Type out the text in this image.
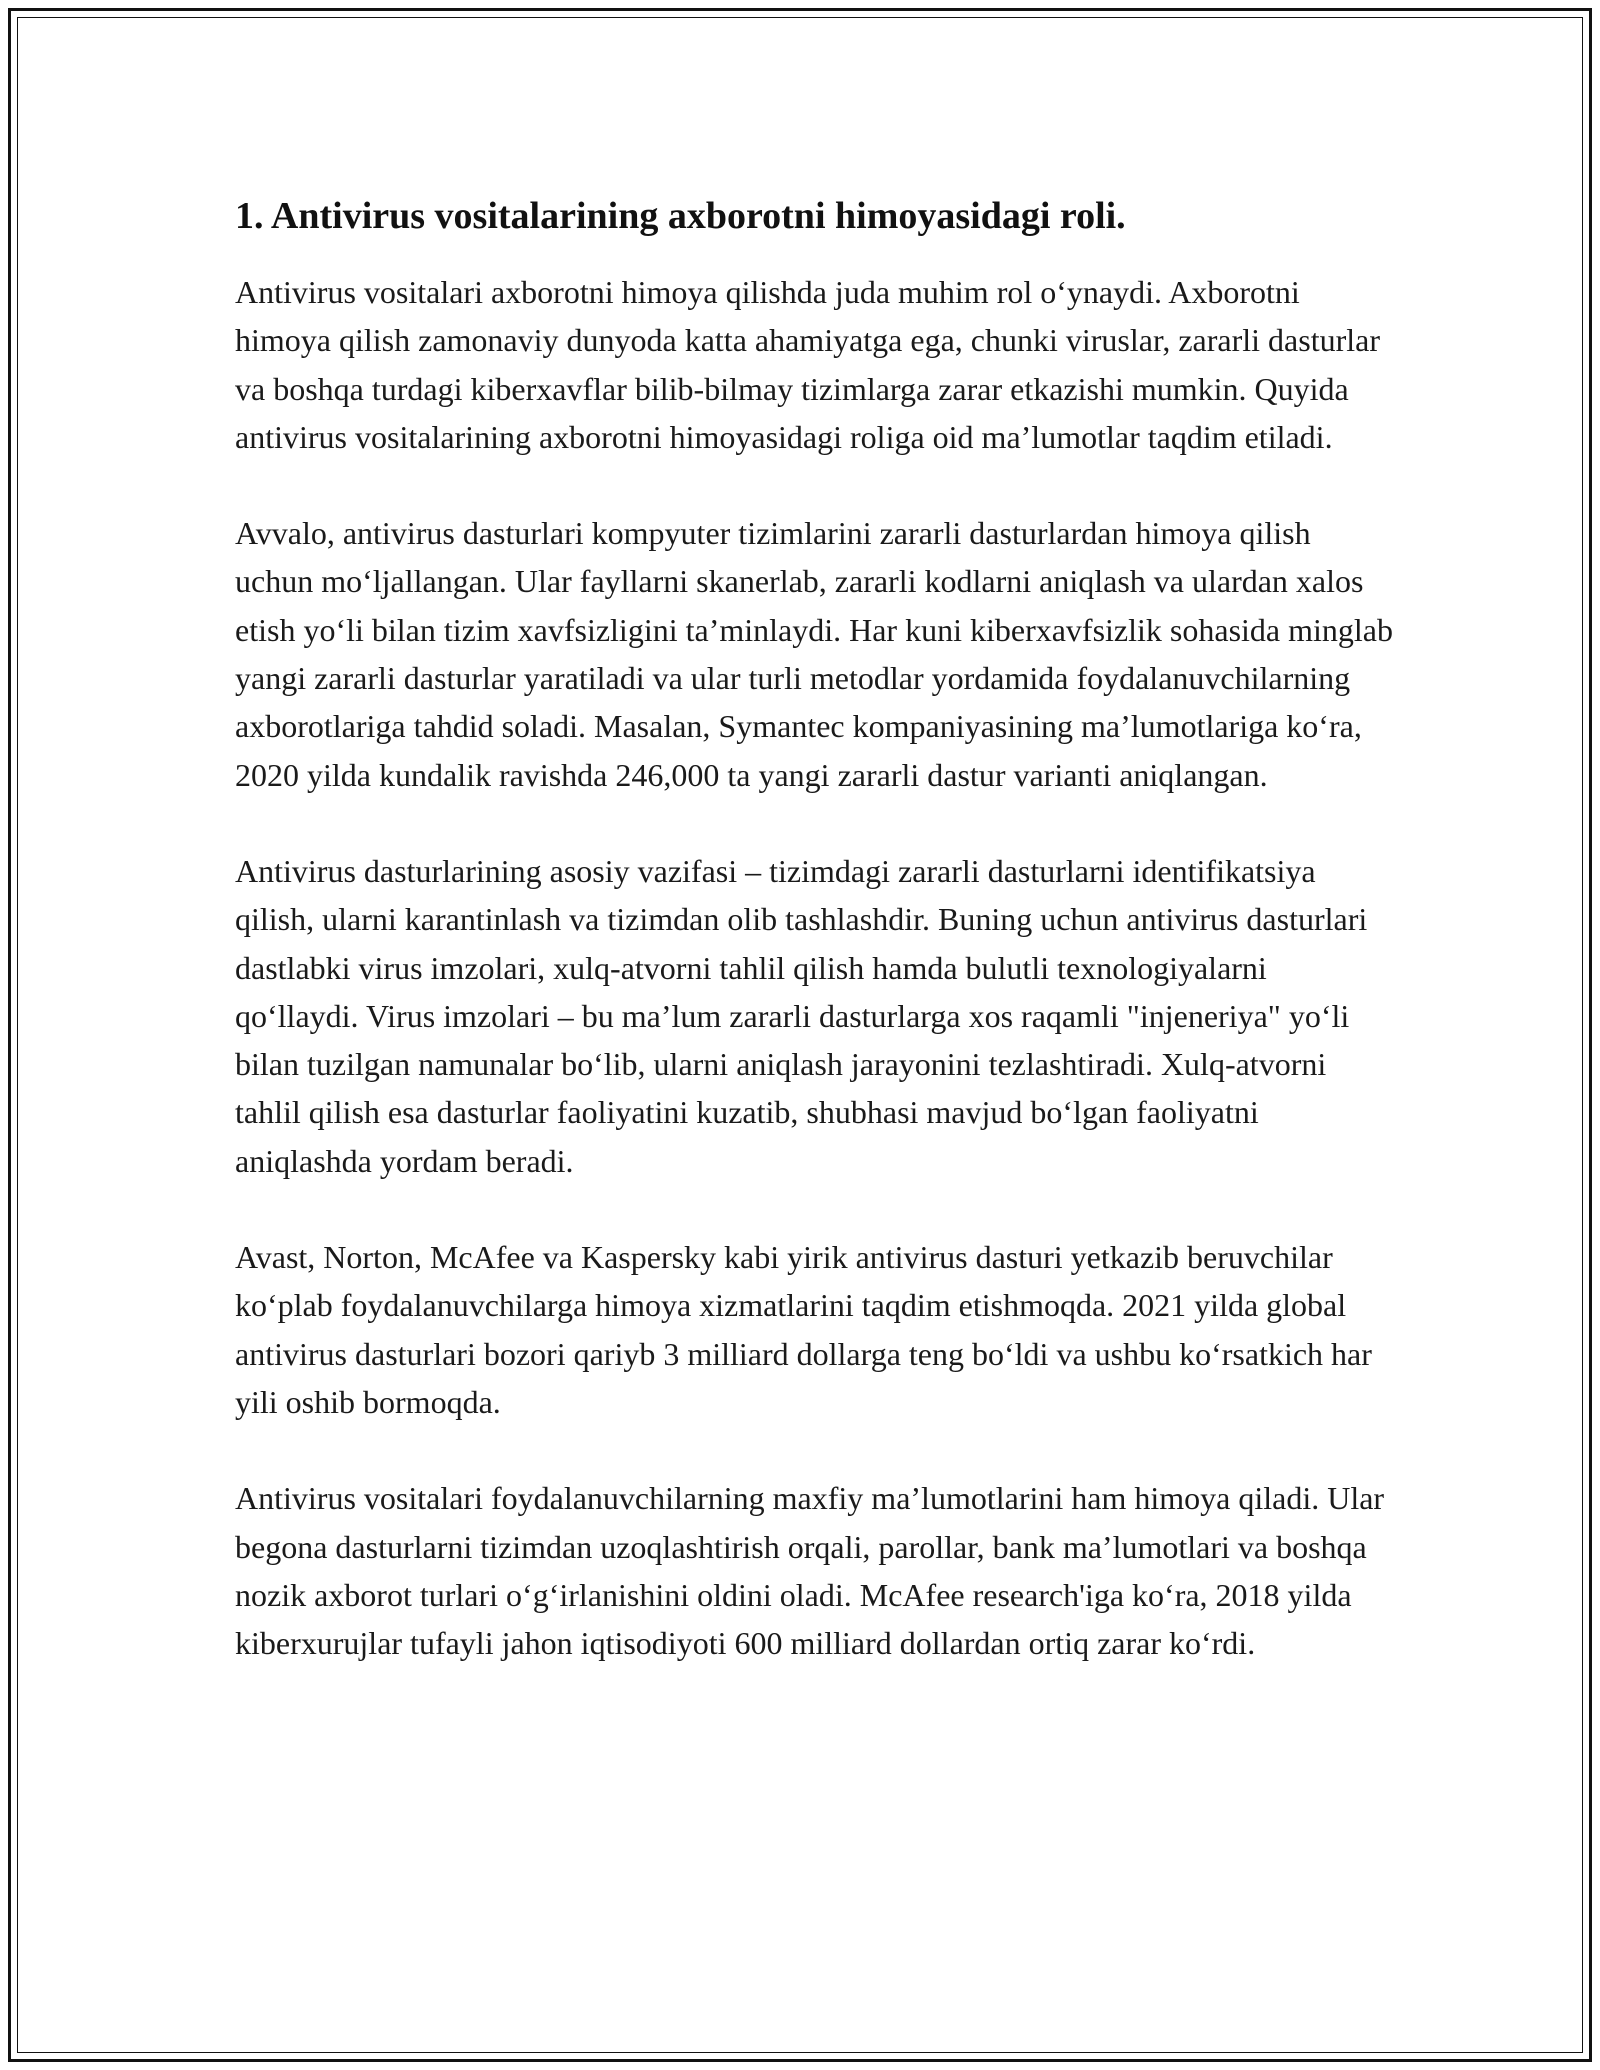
1. Antivirus vositalarining axborotni himoyasidagi roli.

Antivirus vositalari axborotni himoya qilishda juda muhim rol o‘ynaydi. Axborotni himoya qilish zamonaviy dunyoda katta ahamiyatga ega, chunki viruslar, zararli dasturlar va boshqa turdagi kiberxavflar bilib-bilmay tizimlarga zarar etkazishi mumkin. Quyida antivirus vositalarining axborotni himoyasidagi roliga oid ma’lumotlar taqdim etiladi.

Avvalo, antivirus dasturlari kompyuter tizimlarini zararli dasturlardan himoya qilish uchun mo‘ljallangan. Ular fayllarni skanerlab, zararli kodlarni aniqlash va ulardan xalos etish yo‘li bilan tizim xavfsizligini ta’minlaydi. Har kuni kiberxavfsizlik sohasida minglab yangi zararli dasturlar yaratiladi va ular turli metodlar yordamida foydalanuvchilarning axborotlariga tahdid soladi. Masalan, Symantec kompaniyasining ma’lumotlariga ko‘ra, 2020 yilda kundalik ravishda 246,000 ta yangi zararli dastur varianti aniqlangan.

Antivirus dasturlarining asosiy vazifasi – tizimdagi zararli dasturlarni identifikatsiya qilish, ularni karantinlash va tizimdan olib tashlashdir. Buning uchun antivirus dasturlari dastlabki virus imzolari, xulq-atvorni tahlil qilish hamda bulutli texnologiyalarni qo‘llaydi. Virus imzolari – bu ma’lum zararli dasturlarga xos raqamli "injeneriya" yo‘li bilan tuzilgan namunalar bo‘lib, ularni aniqlash jarayonini tezlashtiradi. Xulq-atvorni tahlil qilish esa dasturlar faoliyatini kuzatib, shubhasi mavjud bo‘lgan faoliyatni aniqlashda yordam beradi.

Avast, Norton, McAfee va Kaspersky kabi yirik antivirus dasturi yetkazib beruvchilar ko‘plab foydalanuvchilarga himoya xizmatlarini taqdim etishmoqda. 2021 yilda global antivirus dasturlari bozori qariyb 3 milliard dollarga teng bo‘ldi va ushbu ko‘rsatkich har yili oshib bormoqda.

Antivirus vositalari foydalanuvchilarning maxfiy ma’lumotlarini ham himoya qiladi. Ular begona dasturlarni tizimdan uzoqlashtirish orqali, parollar, bank ma’lumotlari va boshqa nozik axborot turlari o‘g‘irlanishini oldini oladi. McAfee research'iga ko‘ra, 2018 yilda kiberxurujlar tufayli jahon iqtisodiyoti 600 milliard dollardan ortiq zarar ko‘rdi.
